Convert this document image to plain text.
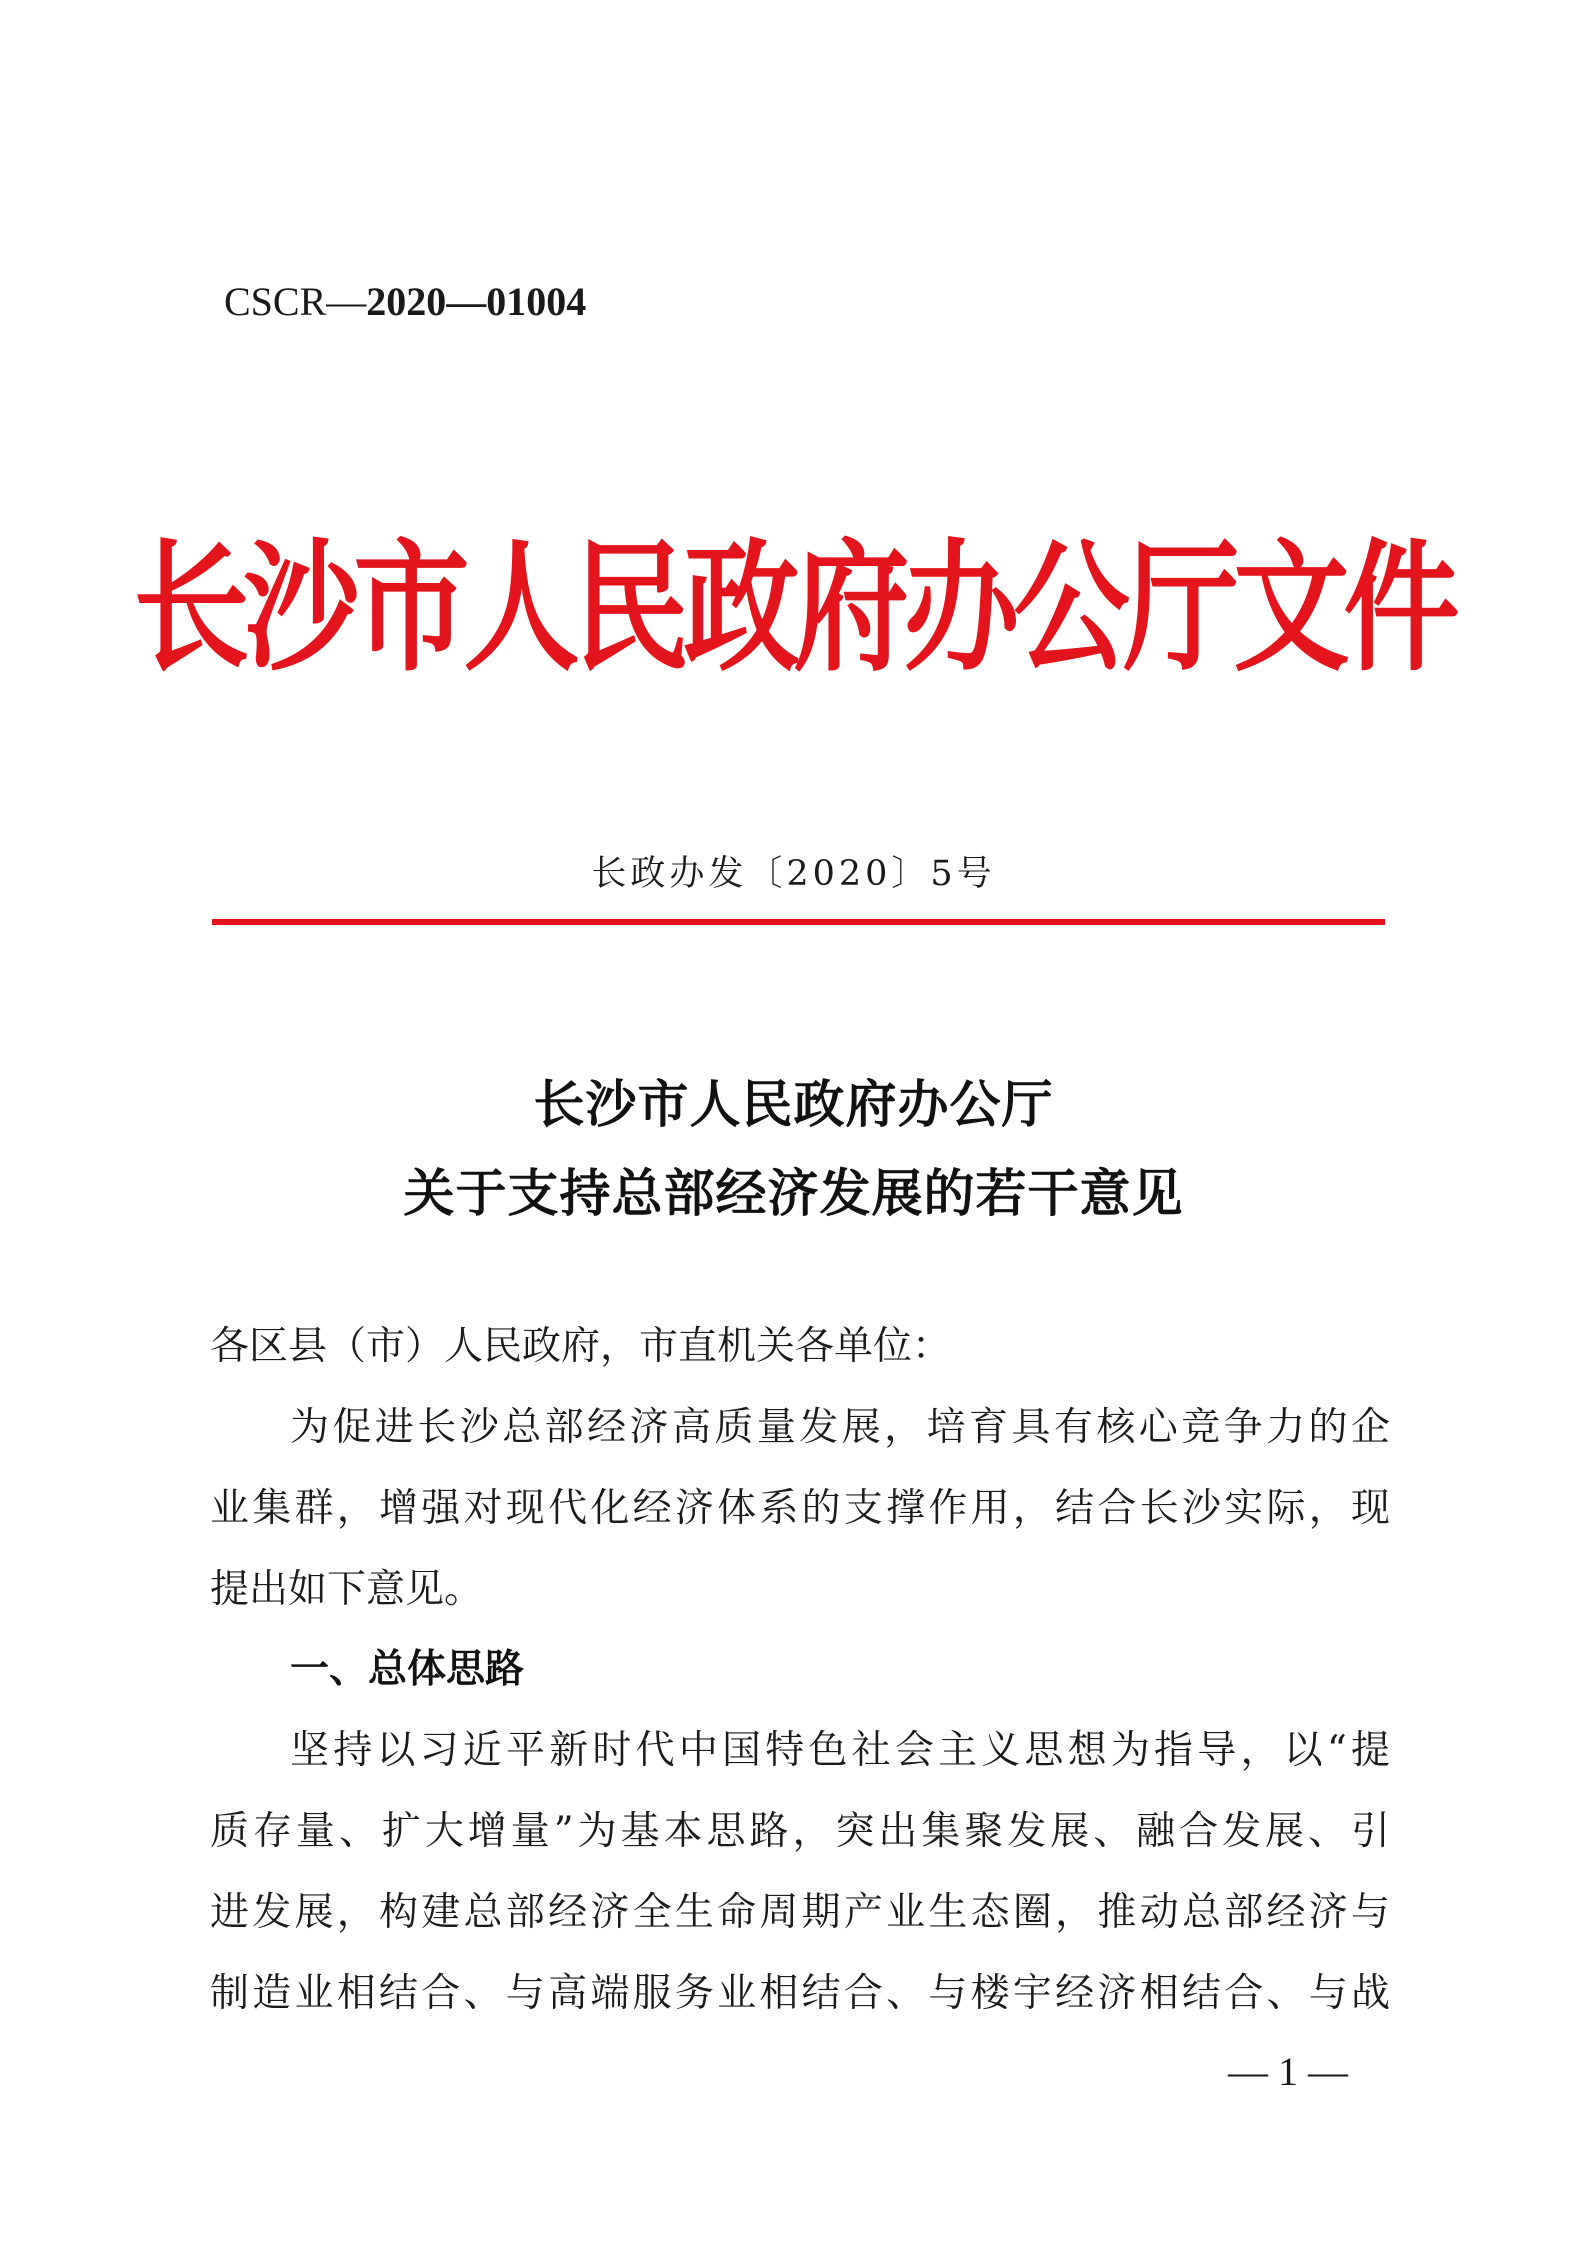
CSCR—2020—01004
长沙市人民政府办公厅文件
长政办发〔2020〕5号
长沙市人民政府办公厅
关于支持总部经济发展的若干意见
各区县（市）人民政府，市直机关各单位：
为促进长沙总部经济高质量发展，培育具有核心竞争力的企
业集群，增强对现代化经济体系的支撑作用，结合长沙实际，现
提出如下意见。
一、总体思路
坚持以习近平新时代中国特色社会主义思想为指导，以“提
质存量、扩大增量”为基本思路，突出集聚发展、融合发展、引
进发展，构建总部经济全生命周期产业生态圈，推动总部经济与
制造业相结合、与高端服务业相结合、与楼宇经济相结合、与战
— 1 —
